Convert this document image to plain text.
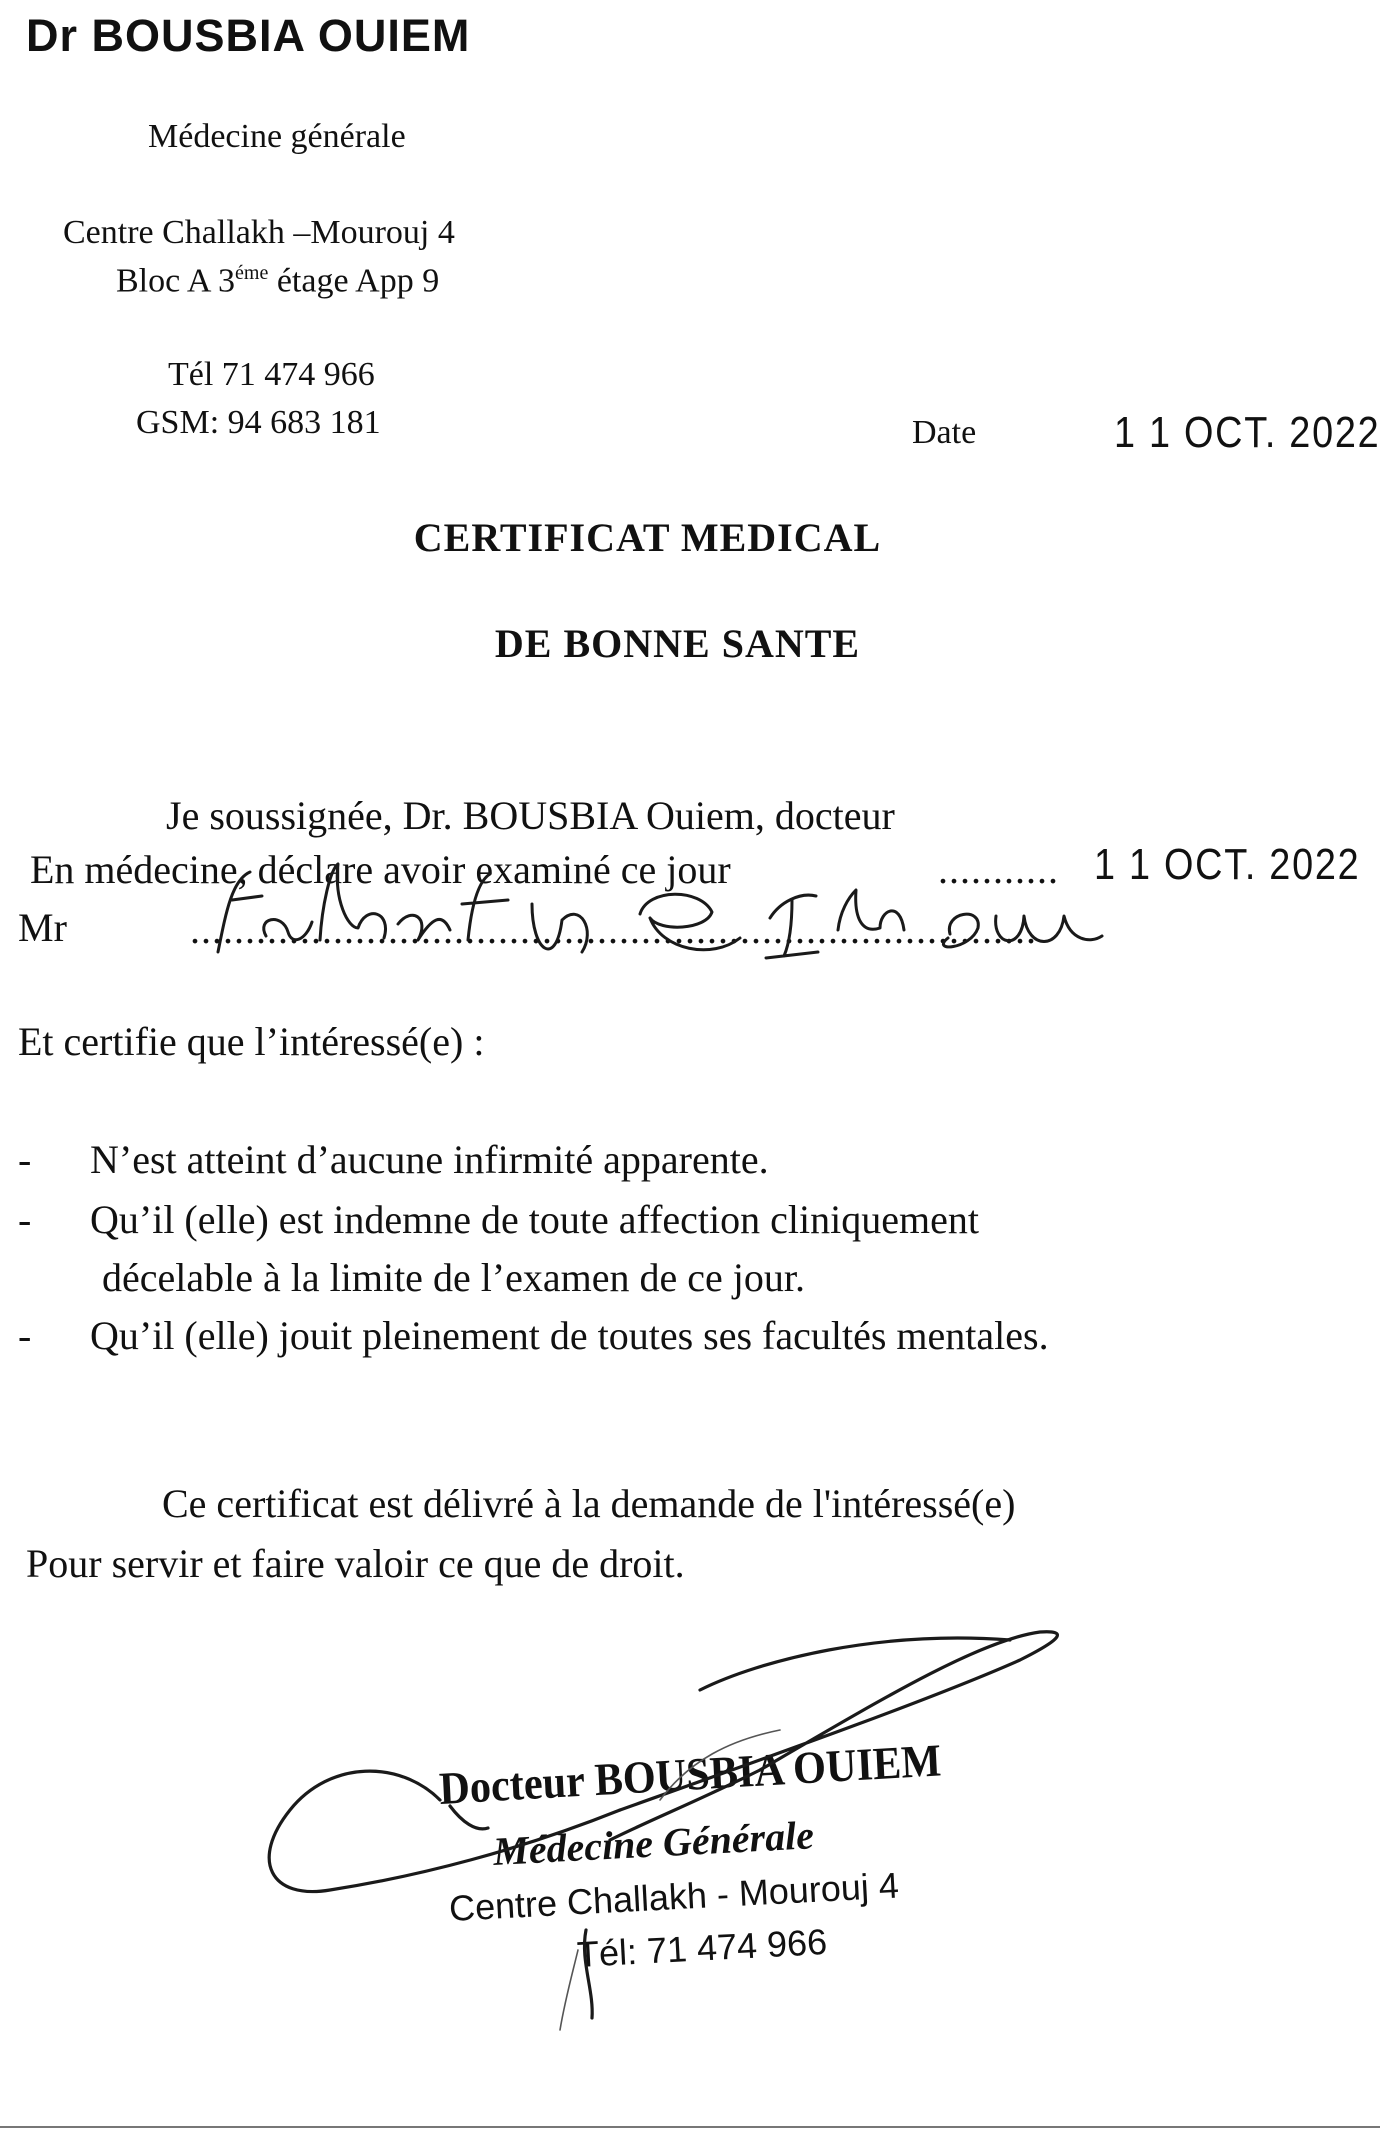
Dr BOUSBIA OUIEM
Médecine générale
Centre Challakh –Mourouj 4
Bloc A $3^{éme}$ étage App 9
Tél 71 474 966
GSM: 94 683 181	Date	1 1 OCT. 2022
CERTIFICAT MEDICAL
DE BONNE SANTE
Je soussignée, Dr. BOUSBIA Ouiem, docteur
En médecine, déclare avoir examiné ce jour	........... 1 1 OCT. 2022
Mr	.............................................................................
Et certifie que l’intéressé(e) :
- N’est atteint d’aucune infirmité apparente.
- Qu’il (elle) est indemne de toute affection cliniquement
décelable à la limite de l’examen de ce jour.
- Qu’il (elle) jouit pleinement de toutes ses facultés mentales.
Ce certificat est délivré à la demande de l'intéressé(e)
Pour servir et faire valoir ce que de droit.
Docteur BOUSBIA OUIEM
Médecine Générale
Centre Challakh - Mourouj 4
Tél: 71 474 966
